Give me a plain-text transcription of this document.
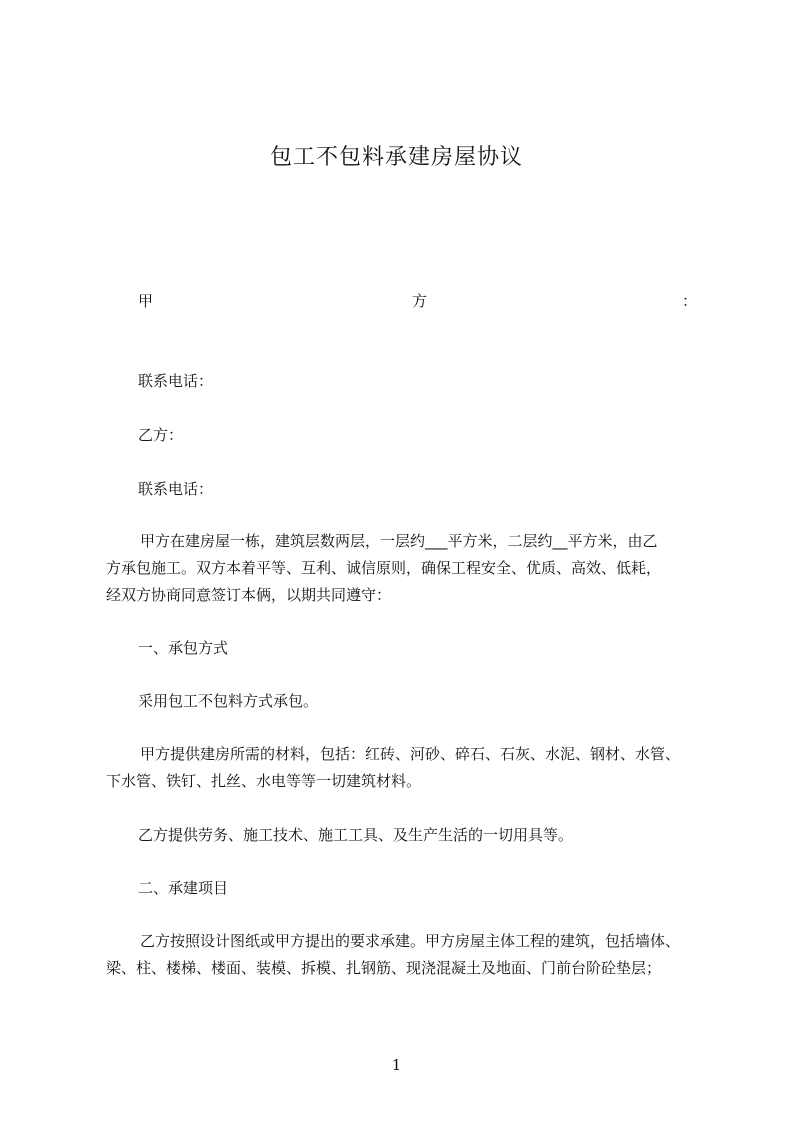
包工不包料承建房屋协议
甲	方	：
联系电话：
乙方：
联系电话：
甲方在建房屋一栋，建筑层数两层，一层约___平方米，二层约__平方米，由乙
方承包施工。双方本着平等、互利、诚信原则，确保工程安全、优质、高效、低耗，
经双方协商同意签订本俩，以期共同遵守：
一、承包方式
采用包工不包料方式承包。
甲方提供建房所需的材料，包括：红砖、河砂、碎石、石灰、水泥、钢材、水管、
下水管、铁钉、扎丝、水电等等一切建筑材料。
乙方提供劳务、施工技术、施工工具、及生产生活的一切用具等。
二、承建项目
乙方按照设计图纸或甲方提出的要求承建。甲方房屋主体工程的建筑，包括墙体、
梁、柱、楼梯、楼面、装模、拆模、扎钢筋、现浇混凝土及地面、门前台阶砼垫层；
1
